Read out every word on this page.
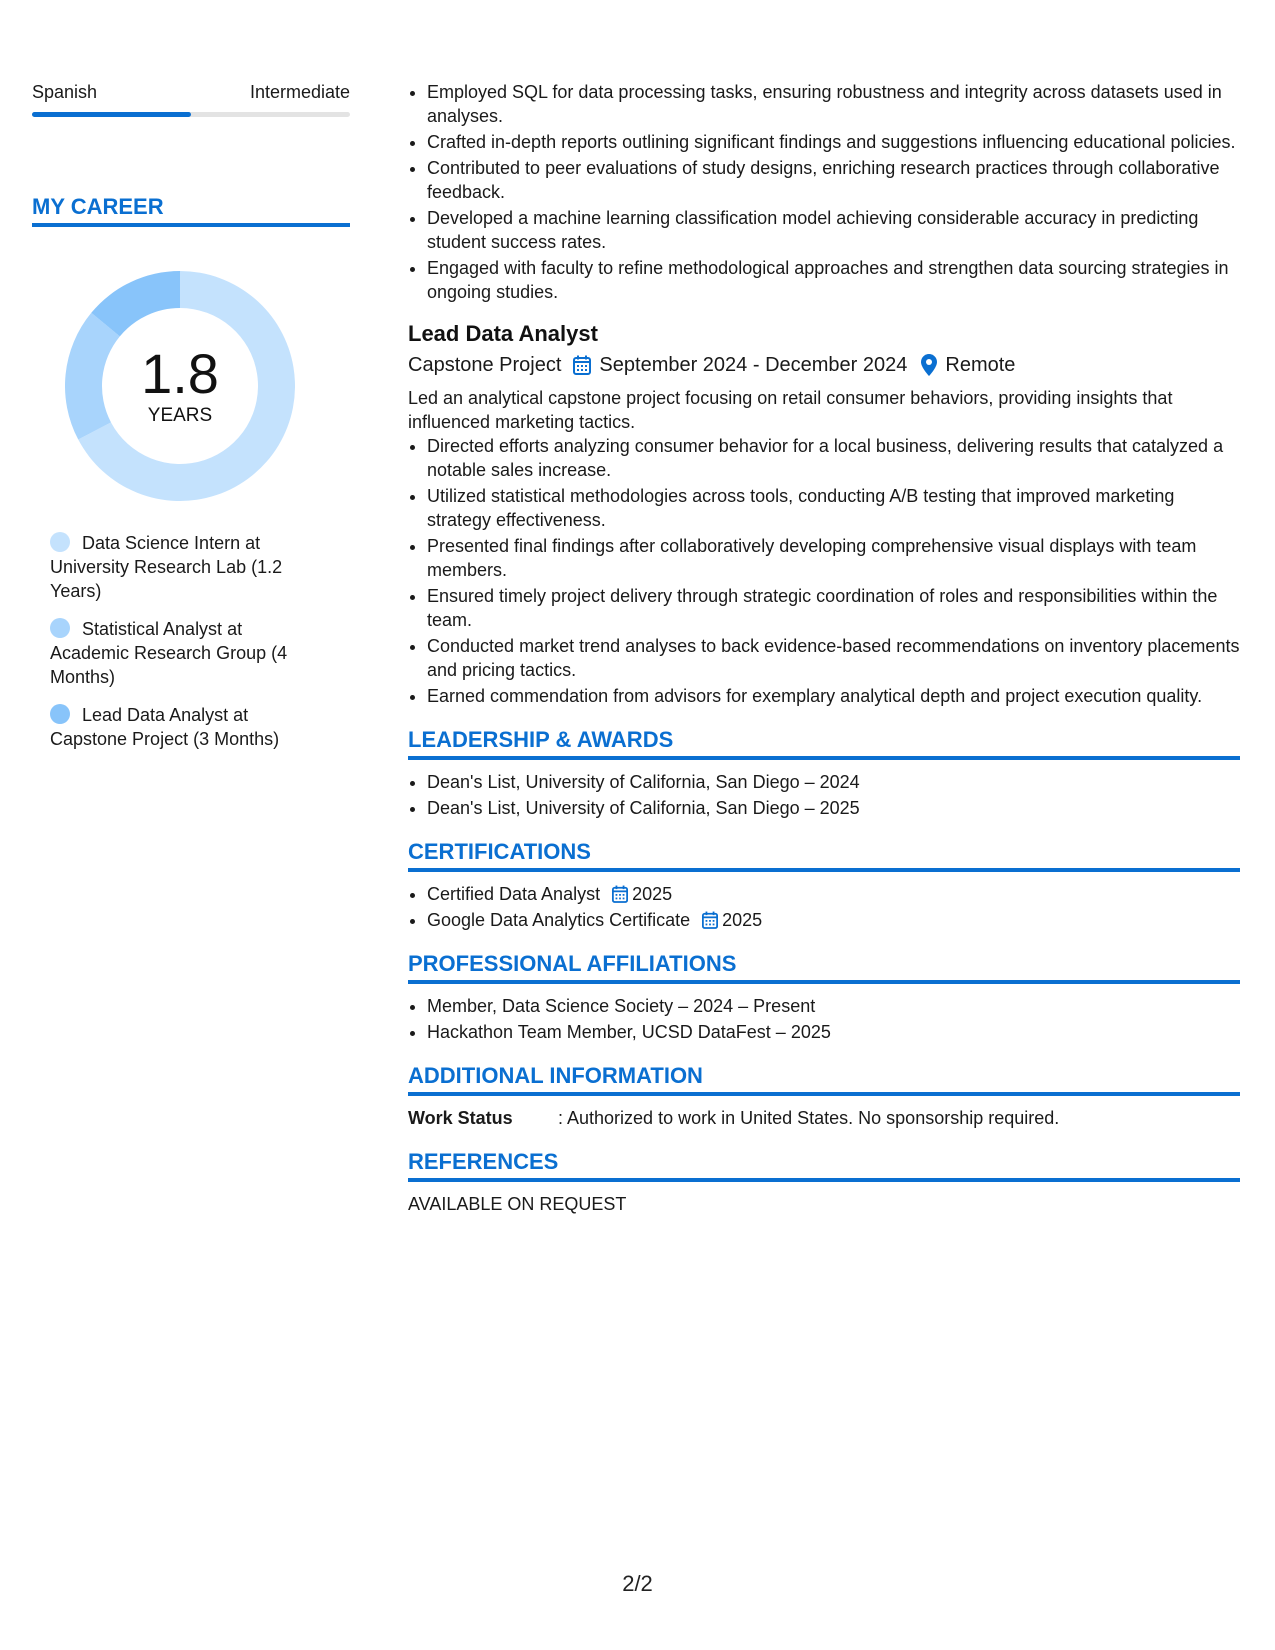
Spanish	Intermediate
MY CAREER
1.8
YEARS
Data Science Intern at University Research Lab (1.2 Years)
Statistical Analyst at Academic Research Group (4 Months)
Lead Data Analyst at Capstone Project (3 Months)
• Employed SQL for data processing tasks, ensuring robustness and integrity across datasets used in analyses.
• Crafted in-depth reports outlining significant findings and suggestions influencing educational policies.
• Contributed to peer evaluations of study designs, enriching research practices through collaborative feedback.
• Developed a machine learning classification model achieving considerable accuracy in predicting student success rates.
• Engaged with faculty to refine methodological approaches and strengthen data sourcing strategies in ongoing studies.
Lead Data Analyst
Capstone Project September 2024 - December 2024 Remote
Led an analytical capstone project focusing on retail consumer behaviors, providing insights that influenced marketing tactics.
• Directed efforts analyzing consumer behavior for a local business, delivering results that catalyzed a notable sales increase.
• Utilized statistical methodologies across tools, conducting A/B testing that improved marketing strategy effectiveness.
• Presented final findings after collaboratively developing comprehensive visual displays with team members.
• Ensured timely project delivery through strategic coordination of roles and responsibilities within the team.
• Conducted market trend analyses to back evidence-based recommendations on inventory placements and pricing tactics.
• Earned commendation from advisors for exemplary analytical depth and project execution quality.
LEADERSHIP & AWARDS
• Dean's List, University of California, San Diego – 2024
• Dean's List, University of California, San Diego – 2025
CERTIFICATIONS
• Certified Data Analyst 2025
• Google Data Analytics Certificate 2025
PROFESSIONAL AFFILIATIONS
• Member, Data Science Society – 2024 – Present
• Hackathon Team Member, UCSD DataFest – 2025
ADDITIONAL INFORMATION
Work Status	: Authorized to work in United States. No sponsorship required.
REFERENCES
AVAILABLE ON REQUEST
2/2
